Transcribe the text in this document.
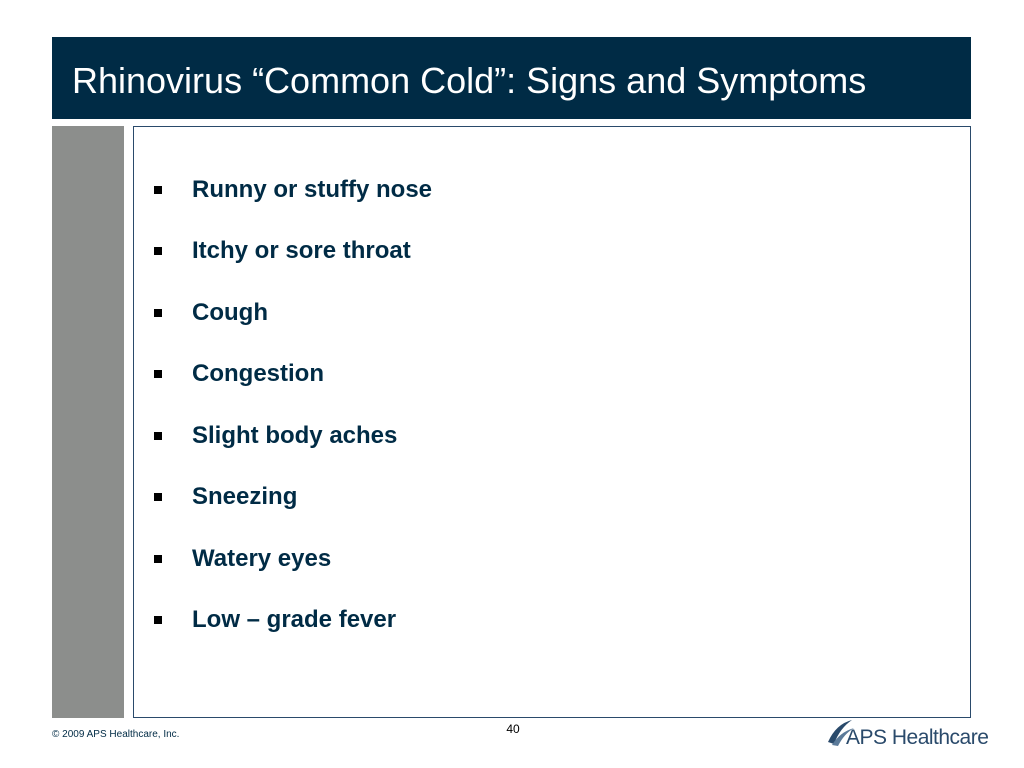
Rhinovirus “Common Cold”: Signs and Symptoms
Runny or stuffy nose
Itchy or sore throat
Cough
Congestion
Slight body aches
Sneezing
Watery eyes
Low – grade fever
© 2009 APS Healthcare, Inc.	40	APS Healthcare
